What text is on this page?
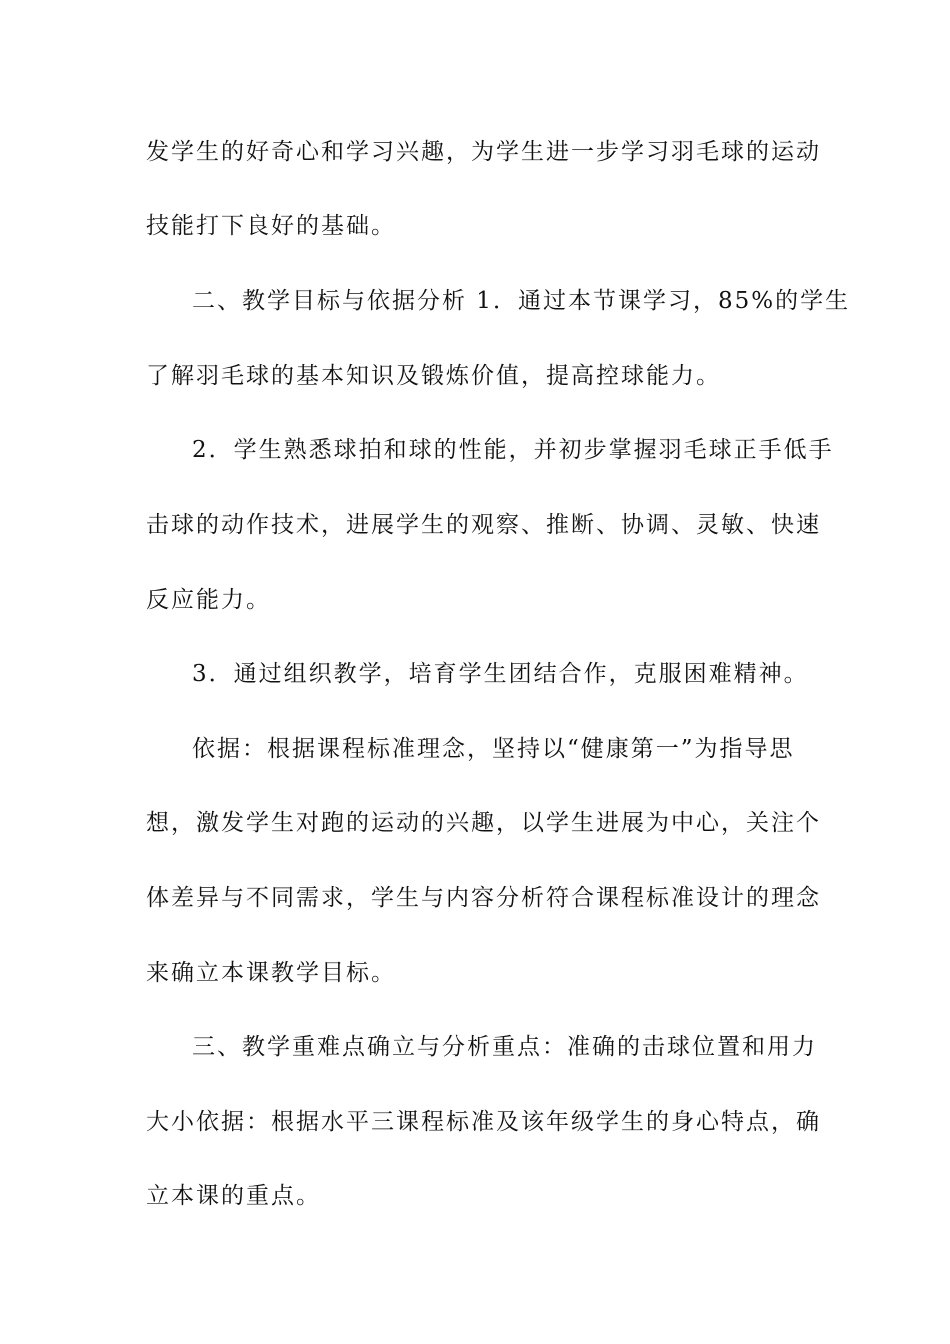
发学生的好奇心和学习兴趣，为学生进一步学习羽毛球的运动
技能打下良好的基础。
二、教学目标与依据分析 1．通过本节课学习，85%的学生
了解羽毛球的基本知识及锻炼价值，提高控球能力。
2．学生熟悉球拍和球的性能，并初步掌握羽毛球正手低手
击球的动作技术，进展学生的观察、推断、协调、灵敏、快速
反应能力。
3．通过组织教学，培育学生团结合作，克服困难精神。
依据：根据课程标准理念，坚持以“健康第一”为指导思
想，激发学生对跑的运动的兴趣，以学生进展为中心，关注个
体差异与不同需求，学生与内容分析符合课程标准设计的理念
来确立本课教学目标。
三、教学重难点确立与分析重点：准确的击球位置和用力
大小依据：根据水平三课程标准及该年级学生的身心特点，确
立本课的重点。
